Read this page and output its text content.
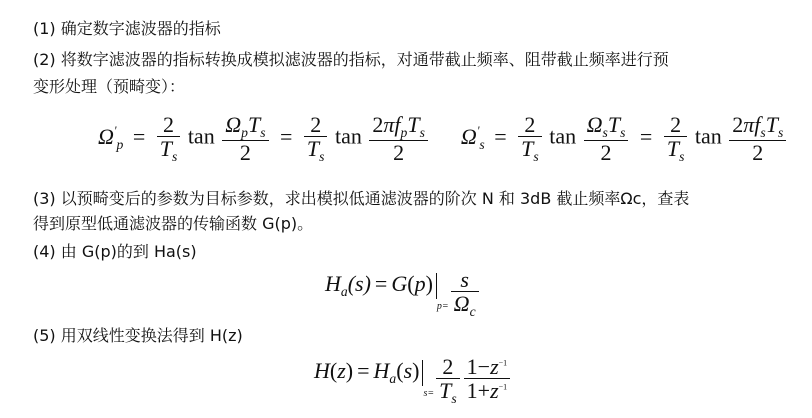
(1) 确定数字滤波器的指标
(2) 将数字滤波器的指标转换成模拟滤波器的指标，对通带截止频率、阻带截止频率进行预
变形处理（预畸变）：
$\Omega'_p = \frac{2}{T_s}$ $\tan \frac{\Omega_pT_s}{2} = \frac{2}{T_s}$ $\tan \frac{2\pi f_pT_s}{2} \Omega'_s = \frac{2}{T_s}$ $\tan \frac{\Omega_sT_s}{2} = \frac{2}{T_s}$ $\tan \frac{2\pi f_sT_s}{2}$
(3) 以预畸变后的参数为目标参数，求出模拟低通滤波器的阶次 N 和 3dB 截止频率Ωc，查表
得到原型低通滤波器的传输函数 G(p)。
(4) 由 G(p)的到 Ha(s)
$H_a(s) = G(p)p= \frac{s}{\Omega_c}$
(5) 用双线性变换法得到 H(z)
$H(z) = H_a(s)s= \frac{2}{T_s} \frac{1-z^{-1}}{1+z^{-1}}$
